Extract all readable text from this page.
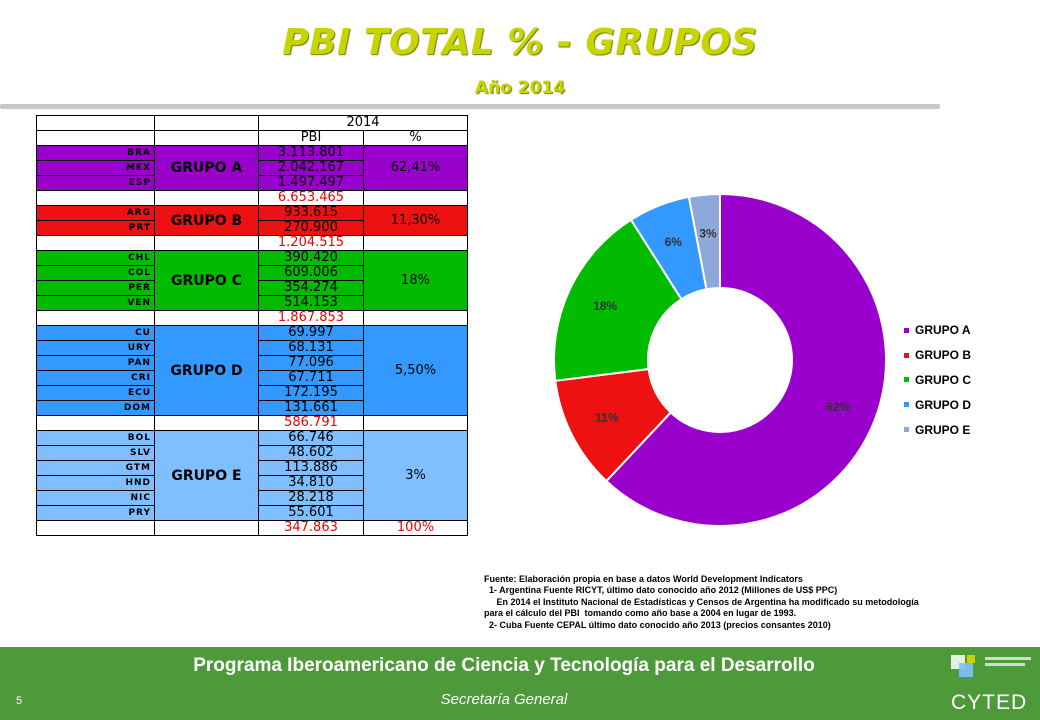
PBI TOTAL % - GRUPOS
Año 2014
		2014	
		PBI	%
BRA	GRUPO A	3.113.801	62,41%
MEX		2.042.167	
ESP		1.497.497	
		6.653.465	
ARG	GRUPO B	933.615	11,30%
PRT		270.900	
		1.204.515	
CHL	GRUPO C	390.420	18%
COL		609.006	
PER		354.274	
VEN		514.153	
		1.867.853	
CU	GRUPO D	69.997	5,50%
URY		68.131	
PAN		77.096	
CRI		67.711	
ECU		172.195	
DOM		131.661	
		586.791	
BOL	GRUPO E	66.746	3%
SLV		48.602	
GTM		113.886	
HND		34.810	
NIC		28.218	
PRY		55.601	
		347.863	100%
62%
11%
18%
6%
3%
GRUPO A
GRUPO B
GRUPO C
GRUPO D
GRUPO E
Fuente: Elaboración propia en base a datos World Development Indicators
1- Argentina Fuente RICYT, último dato conocido año 2012 (Millones de US$ PPC)
En 2014 el Instituto Nacional de Estadísticas y Censos de Argentina ha modificado su metodología
para el cálculo del PBI  tomando como año base a 2004 en lugar de 1993.
2- Cuba Fuente CEPAL último dato conocido año 2013 (precios consantes 2010)
Programa Iberoamericano de Ciencia y Tecnología para el Desarrollo
Secretaría General
5	CYTED
